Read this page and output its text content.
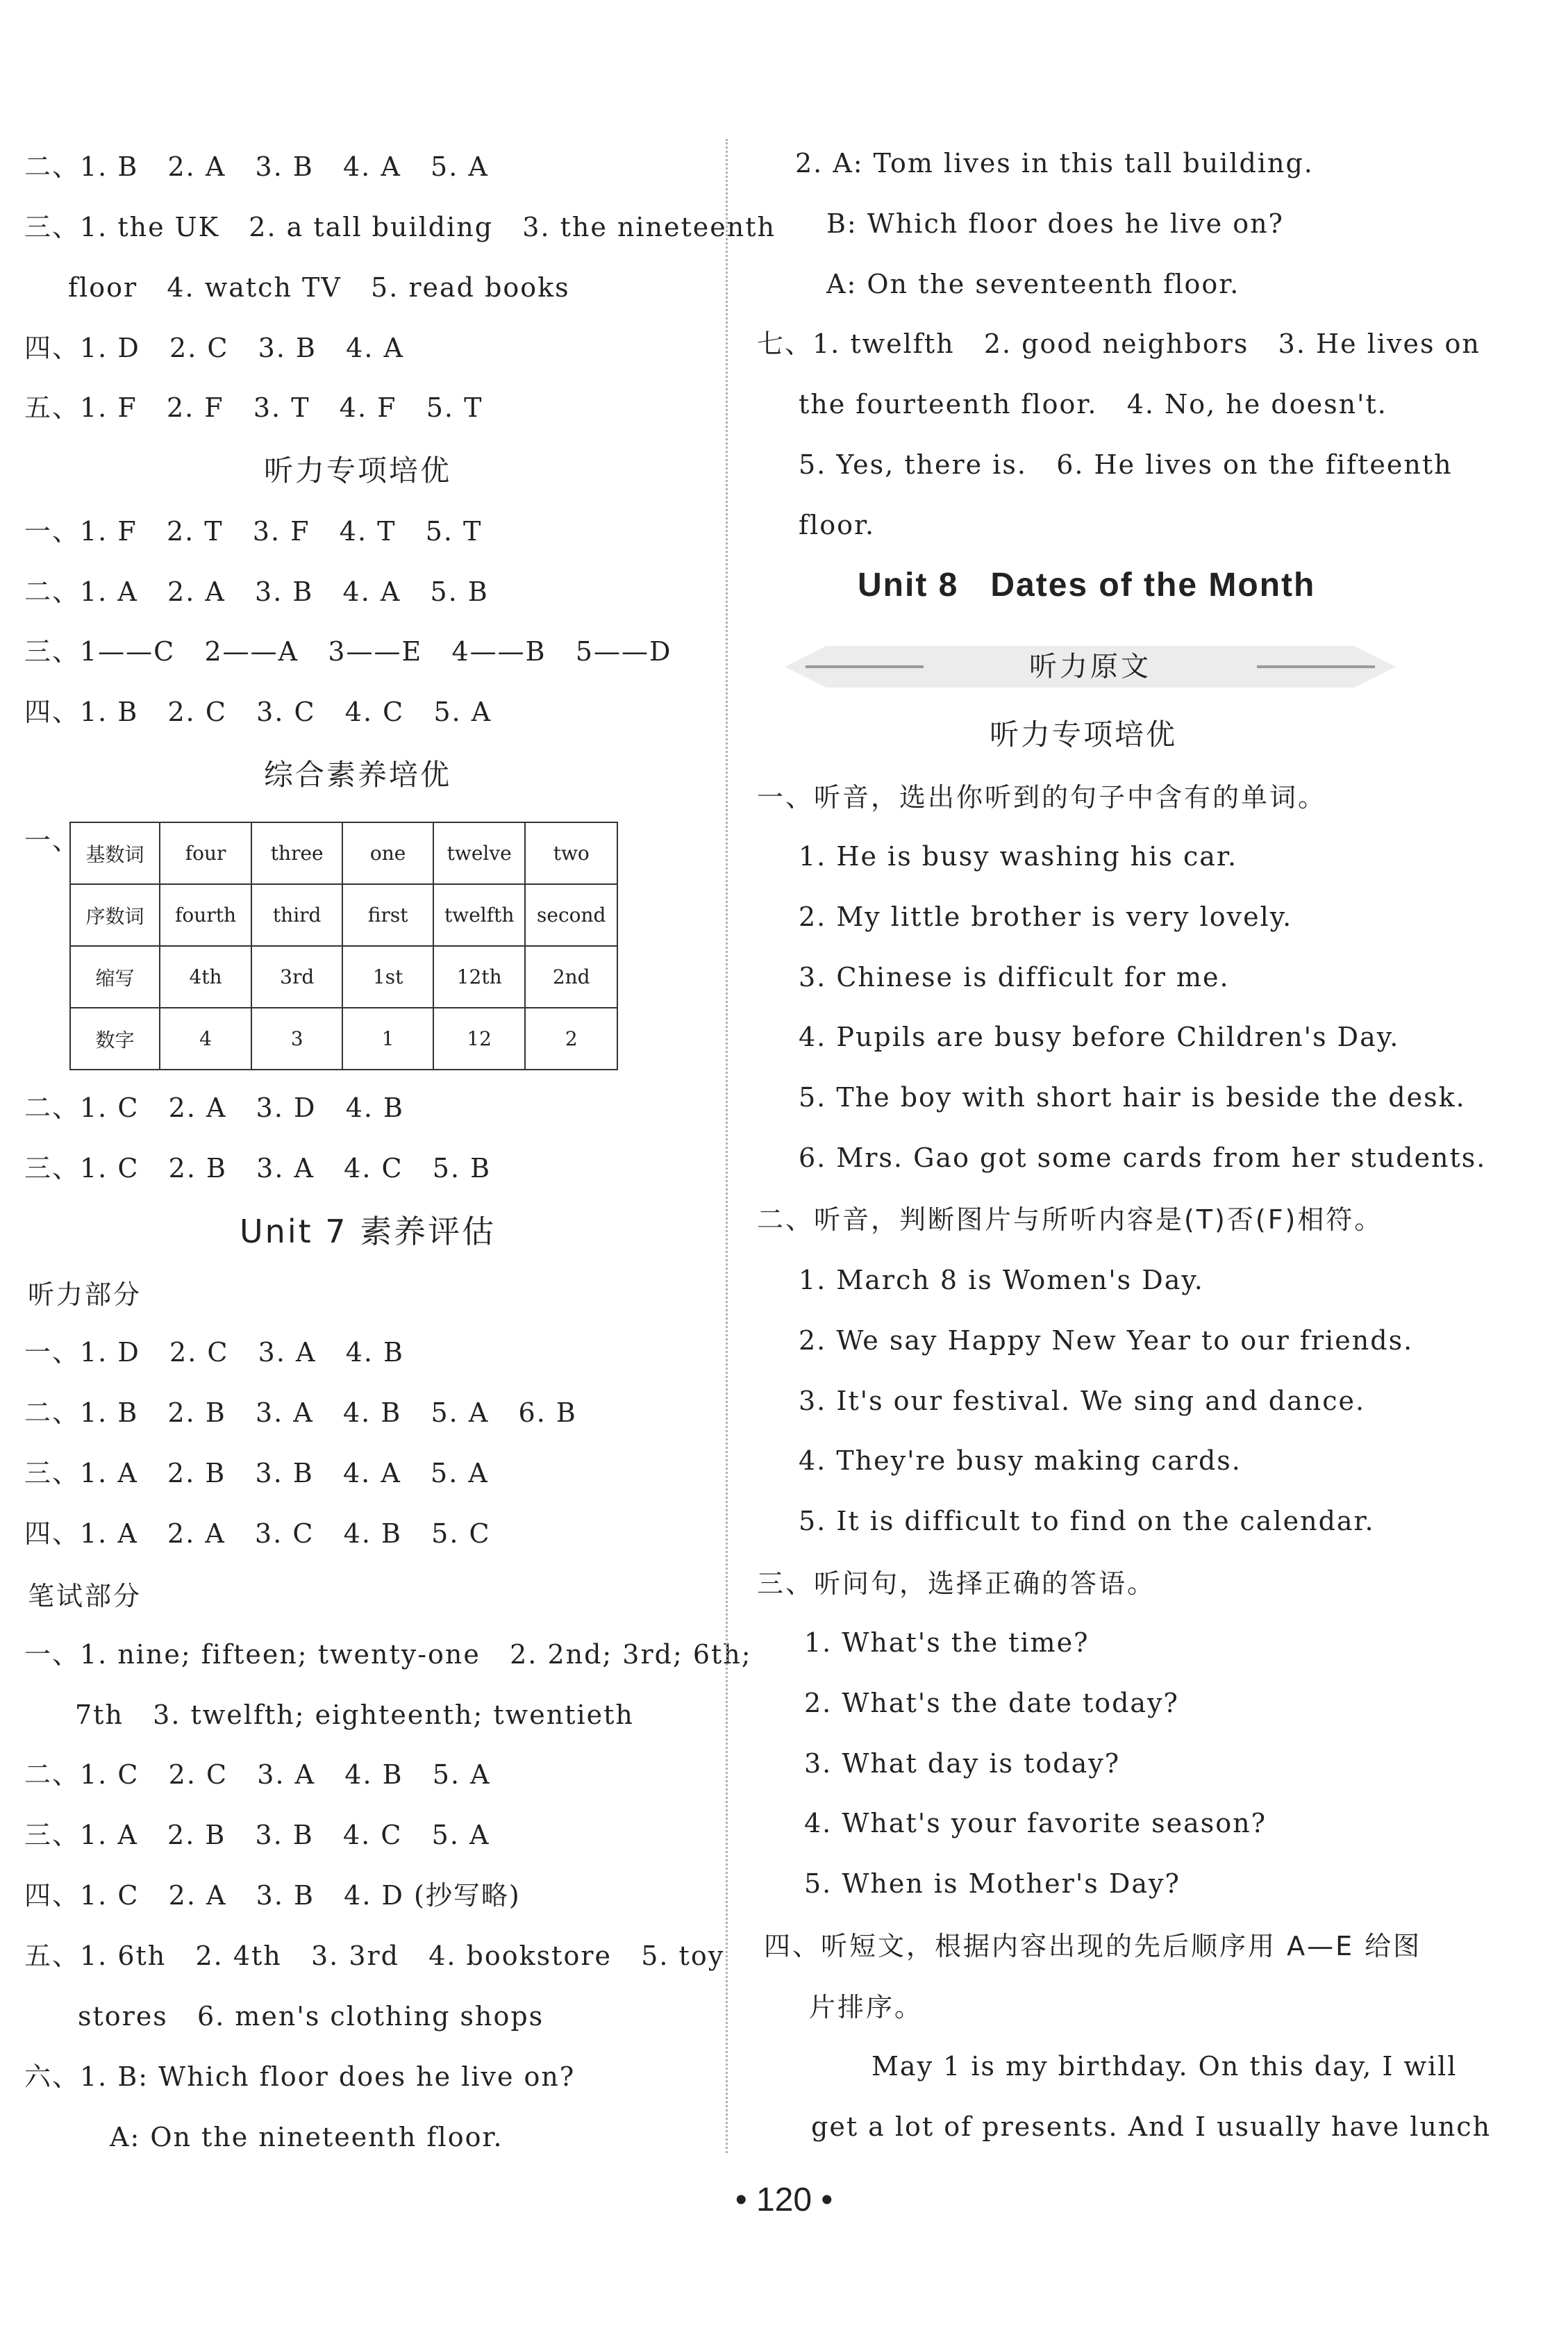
二、1. B   2. A   3. B   4. A   5. A
三、1. the UK   2. a tall building   3. the nineteenth
floor   4. watch TV   5. read books
四、1. D   2. C   3. B   4. A
五、1. F   2. F   3. T   4. F   5. T
听力专项培优
一、1. F   2. T   3. F   4. T   5. T
二、1. A   2. A   3. B   4. A   5. B
三、1——C   2——A   3——E   4——B   5——D
四、1. B   2. C   3. C   4. C   5. A
综合素养培优
一、 基数词	four	three	one	twelve	two
序数词	fourth	third	first	twelfth	second
缩写	4th	3rd	1st	12th	2nd
数字	4	3	1	12	2
二、1. C   2. A   3. D   4. B
三、1. C   2. B   3. A   4. C   5. B
Unit 7 素养评估
听力部分
一、1. D   2. C   3. A   4. B
二、1. B   2. B   3. A   4. B   5. A   6. B
三、1. A   2. B   3. B   4. A   5. A
四、1. A   2. A   3. C   4. B   5. C
笔试部分
一、1. nine; fifteen; twenty-one   2. 2nd; 3rd; 6th;
7th   3. twelfth; eighteenth; twentieth
二、1. C   2. C   3. A   4. B   5. A
三、1. A   2. B   3. B   4. C   5. A
四、1. C   2. A   3. B   4. D (抄写略)
五、1. 6th   2. 4th   3. 3rd   4. bookstore   5. toy
stores   6. men's clothing shops
六、1. B: Which floor does he live on?
A: On the nineteenth floor.
2. A: Tom lives in this tall building.
B: Which floor does he live on?
A: On the seventeenth floor.
七、1. twelfth   2. good neighbors   3. He lives on
the fourteenth floor.   4. No, he doesn't.
5. Yes, there is.   6. He lives on the fifteenth
floor.
Unit 8   Dates of the Month
听力原文
听力专项培优
一、听音，选出你听到的句子中含有的单词。
1. He is busy washing his car.
2. My little brother is very lovely.
3. Chinese is difficult for me.
4. Pupils are busy before Children's Day.
5. The boy with short hair is beside the desk.
6. Mrs. Gao got some cards from her students.
二、听音，判断图片与所听内容是(T)否(F)相符。
1. March 8 is Women's Day.
2. We say Happy New Year to our friends.
3. It's our festival. We sing and dance.
4. They're busy making cards.
5. It is difficult to find on the calendar.
三、听问句，选择正确的答语。
1. What's the time?
2. What's the date today?
3. What day is today?
4. What's your favorite season?
5. When is Mother's Day?
四、听短文，根据内容出现的先后顺序用 A—E 给图
片排序。
May 1 is my birthday. On this day, I will
get a lot of presents. And I usually have lunch
• 120 •
